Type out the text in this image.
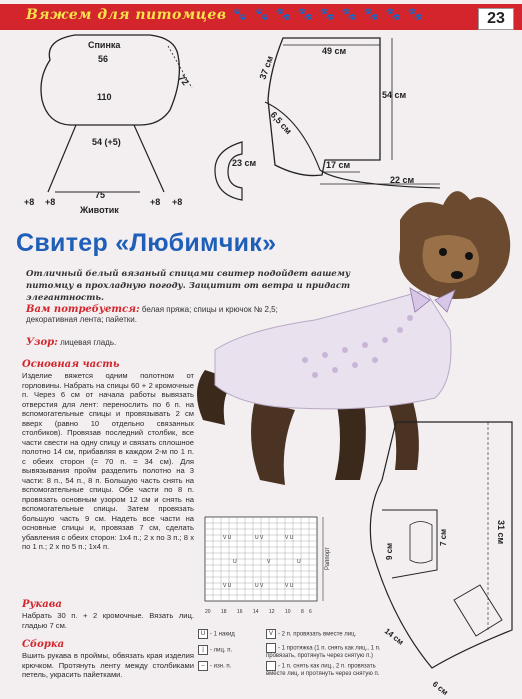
Вяжем для питомцев 🐾🐾🐾🐾🐾🐾🐾🐾🐾	23
Спинка
56
110
72
54 (+5)
+8 +8	+8 +8
75
Животик
49 см
37 см
54 см
6,5 см
17 см
22 см
23 см
Свитер «Любимчик»
Отличный белый вязаный спицами свитер подойдет вашему питомцу в прохладную погоду. Защитит от ветра и придаст элегантность.
Вам потребуется: белая пряжа; спицы и крючок № 2,5; декоративная лента; пайетки.
Узор: лицевая гладь.
Основная часть
Изделие вяжется одним полотном от горловины. Набрать на спицы 60 + 2 кромочные п. Через 6 см от начала работы вывязать отверстия для лент: перенослить по 6 п. на вспомогательные спицы и провязывать 2 см вверх (равно 10 отдельно связанных столбиков). Провязав последний столбик, все части свести на одну спицу и связать сплошное полотно 14 см, прибавляя в каждом 2-м по 1 п. с обеих сторон (= 70 п. = 34 см). Для вывязывания пройм разделить полотно на 3 части: 8 п., 54 п., 8 п. Большую часть снять на вспомогательные спицы. Обе части по 8 п. провязать основным узором 12 см и снять на вспомогательные спицы. Затем провязать большую часть 9 см. Надеть все части на основные спицы и, провязав 7 см, сделать убавления с обеих сторон: 1х4 п.; 2 х по 3 п.; 8 х по 1 п.; 2 х по 5 п.; 1х4 п.
Рукава
Набрать 30 п. + 2 кромочные. Вязать лиц. гладью 7 см.
Сборка
Вшить рукава в проймы, обвязать края изделия крючком. Протянуть ленту между столбиками петель, украсить пайетками.
V U	U V	V U
U	V	U
V U	U V	V U
Раппорт
20 18 16 14 12 10 8 6
U - 1 накид	V - 2 п. провязать вместе лиц.
| - лиц. п.	- 1 протяжка (1 п. снять как лиц., 1 п. провязать, протянуть через снятую п.)
– - изн. п.	- 1 п. снять как лиц., 2 п. провязать вместе лиц. и протянуть через снятую п.
31 см
9 см
7 см
14 см
6 см
